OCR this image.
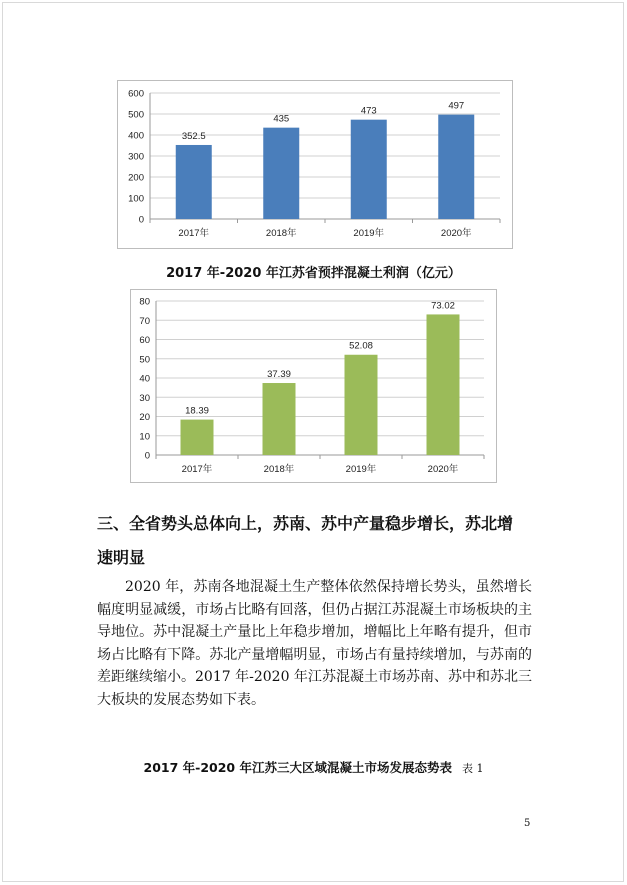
0
100
200
300
400
500
600
352.5
2017年
435
2018年
473
2019年
497
2020年
2017 年-2020 年江苏省预拌混凝土利润（亿元）
0
10
20
30
40
50
60
70
80
18.39
2017年
37.39
2018年
52.08
2019年
73.02
2020年
三、全省势头总体向上，苏南、苏中产量稳步增长，苏北增
速明显
2020 年，苏南各地混凝土生产整体依然保持增长势头，虽然增长幅度明显减缓，市场占比略有回落，但仍占据江苏混凝土市场板块的主导地位。苏中混凝土产量比上年稳步增加，增幅比上年略有提升，但市场占比略有下降。苏北产量增幅明显，市场占有量持续增加，与苏南的差距继续缩小。2017 年-2020 年江苏混凝土市场苏南、苏中和苏北三大板块的发展态势如下表。
2017 年-2020 年江苏三大区域混凝土市场发展态势表 表 1
5
